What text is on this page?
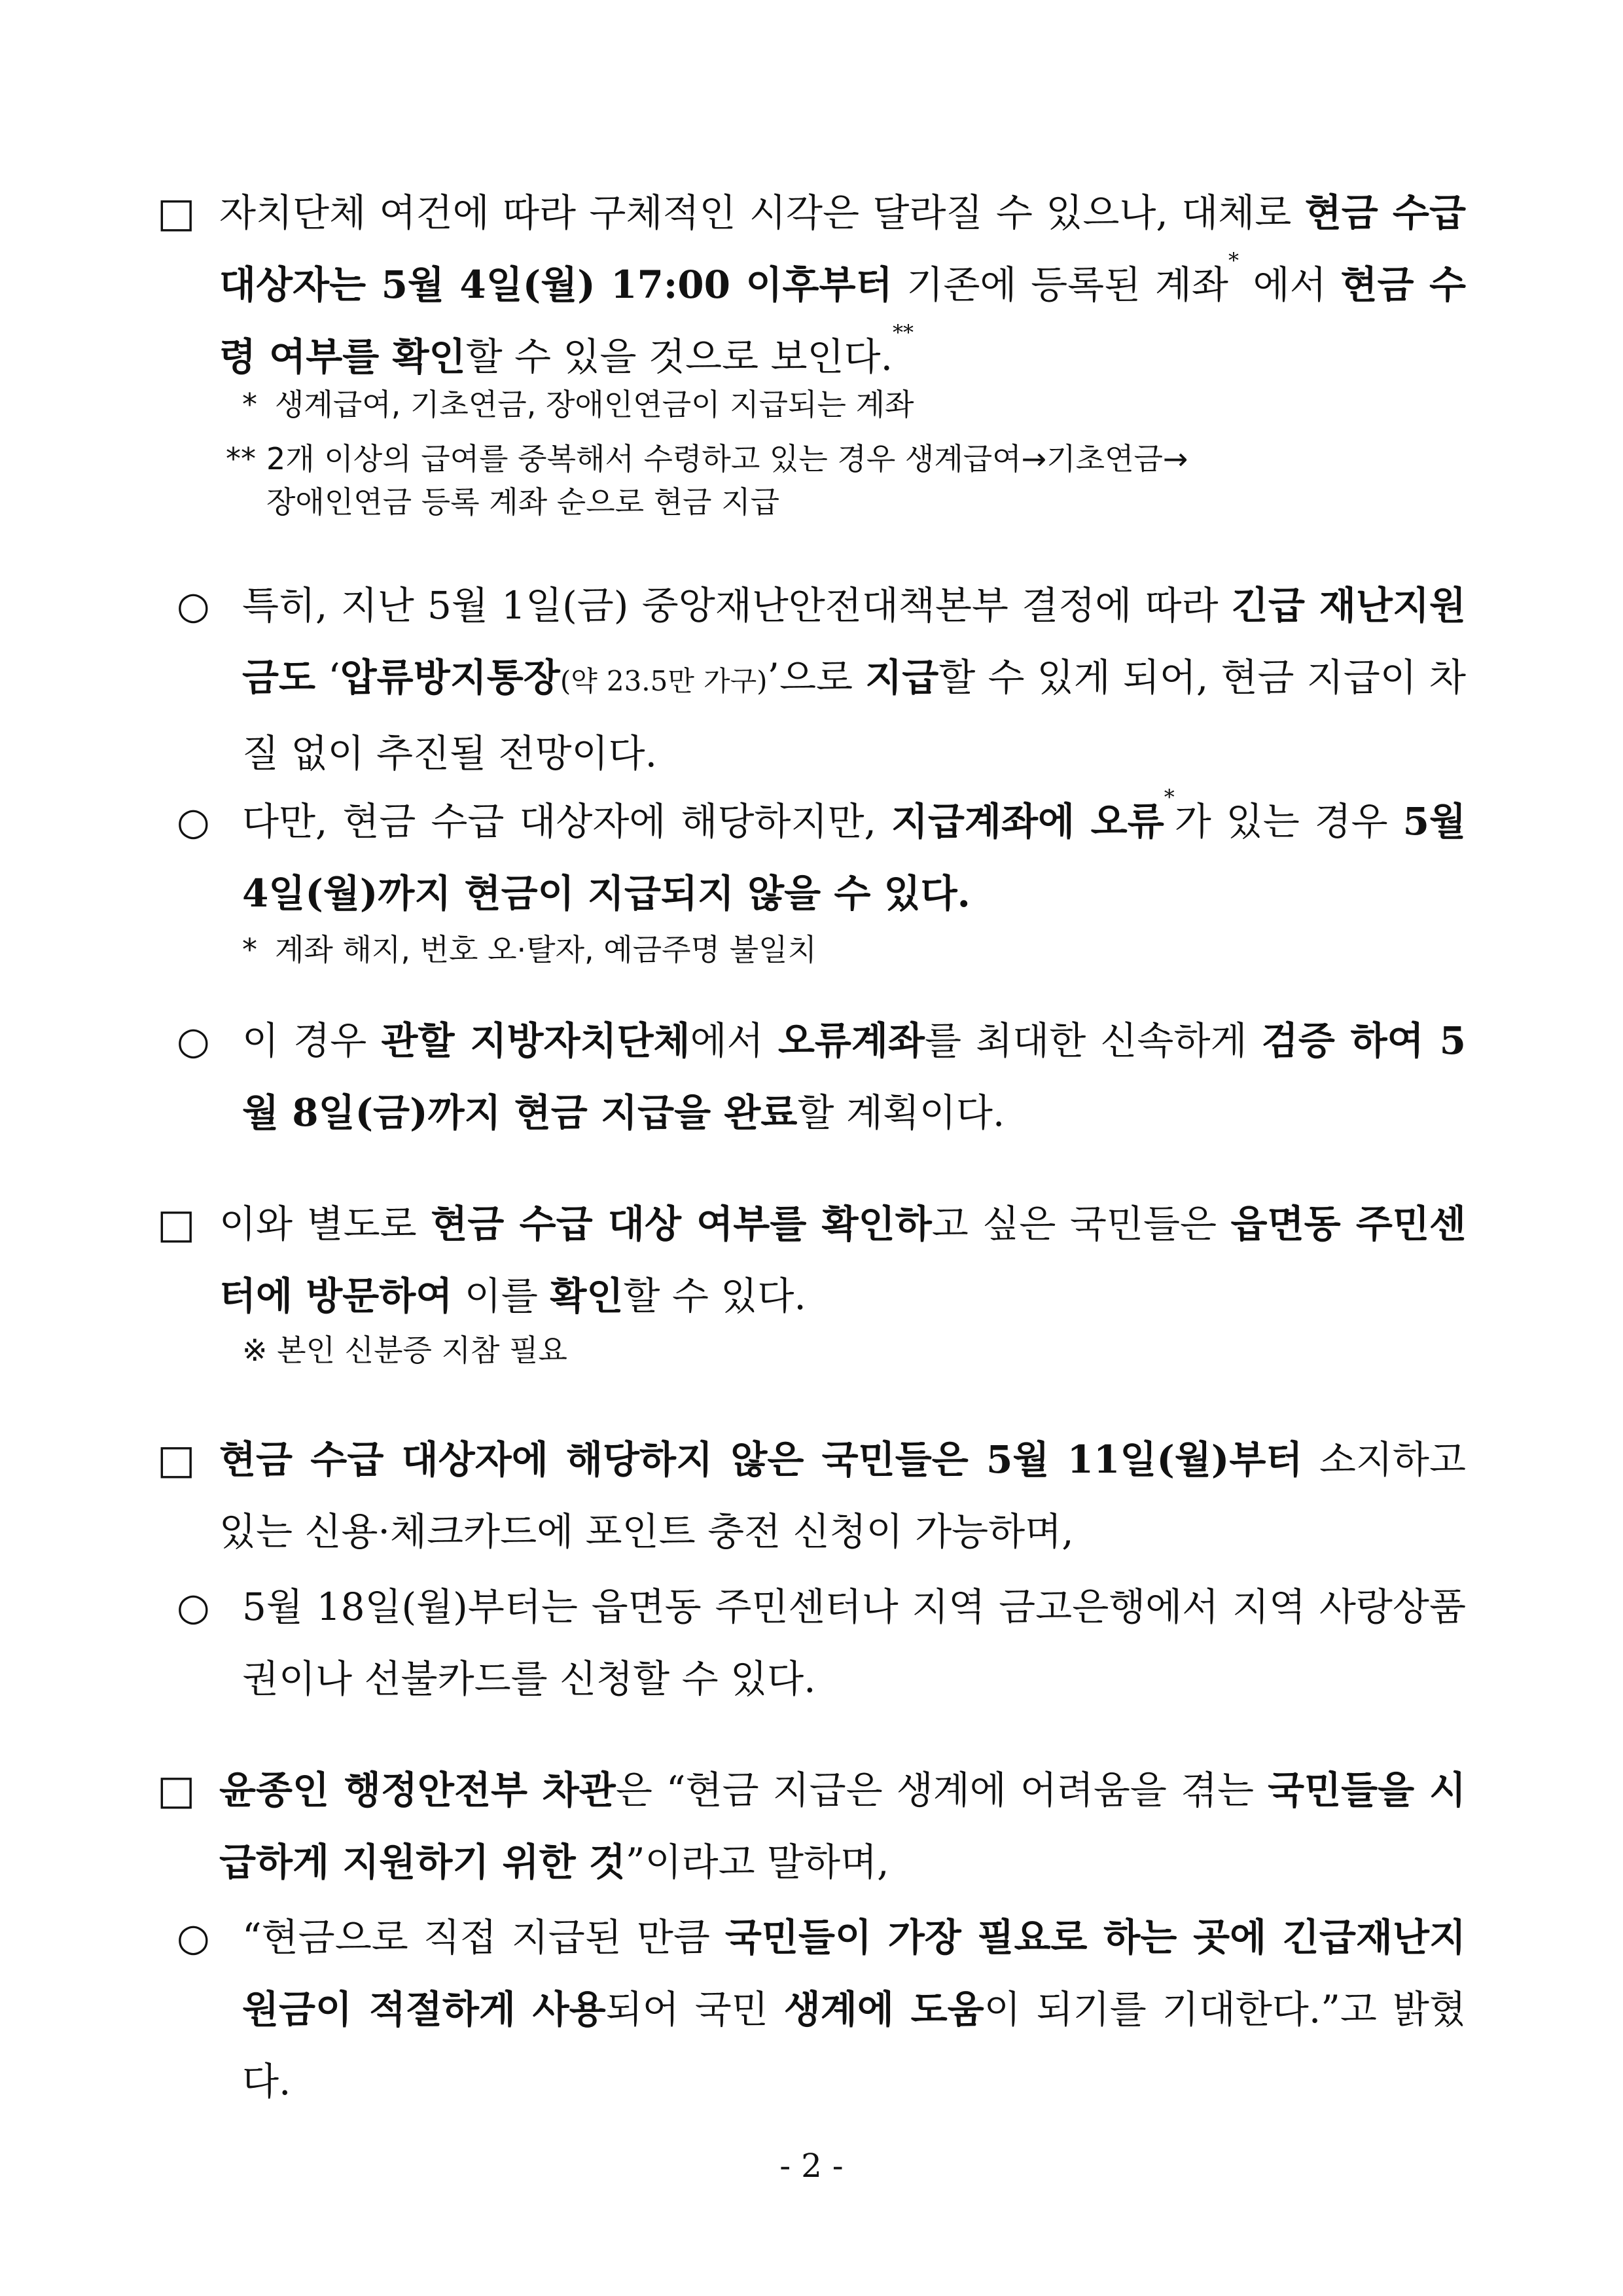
□ 자치단체 여건에 따라 구체적인 시각은 달라질 수 있으나, 대체로 현금 수급 대상자는 5월 4일(월) 17:00 이후부터 기존에 등록된 계좌* 에서 현금 수령 여부를 확인할 수 있을 것으로 보인다.**
* 생계급여, 기초연금, 장애인연금이 지급되는 계좌
** 2개 이상의 급여를 중복해서 수령하고 있는 경우 생계급여→기초연금→
장애인연금 등록 계좌 순으로 현금 지급
○ 특히, 지난 5월 1일(금) 중앙재난안전대책본부 결정에 따라 긴급 재난지원금도 ‘압류방지통장(약 23.5만 가구)’으로 지급할 수 있게 되어, 현금 지급이 차질 없이 추진될 전망이다.
○ 다만, 현금 수급 대상자에 해당하지만, 지급계좌에 오류*가 있는 경우 5월 4일(월)까지 현금이 지급되지 않을 수 있다.
* 계좌 해지, 번호 오·탈자, 예금주명 불일치
○ 이 경우 관할 지방자치단체에서 오류계좌를 최대한 신속하게 검증 하여 5월 8일(금)까지 현금 지급을 완료할 계획이다.
□ 이와 별도로 현금 수급 대상 여부를 확인하고 싶은 국민들은 읍면동 주민센터에 방문하여 이를 확인할 수 있다.
※ 본인 신분증 지참 필요
□ 현금 수급 대상자에 해당하지 않은 국민들은 5월 11일(월)부터 소지하고 있는 신용·체크카드에 포인트 충전 신청이 가능하며,
○ 5월 18일(월)부터는 읍면동 주민센터나 지역 금고은행에서 지역 사랑상품권이나 선불카드를 신청할 수 있다.
□ 윤종인 행정안전부 차관은 “현금 지급은 생계에 어려움을 겪는 국민들을 시급하게 지원하기 위한 것”이라고 말하며,
○ “현금으로 직접 지급된 만큼 국민들이 가장 필요로 하는 곳에 긴급재난지원금이 적절하게 사용되어 국민 생계에 도움이 되기를 기대한다.”고 밝혔다.
- 2 -
